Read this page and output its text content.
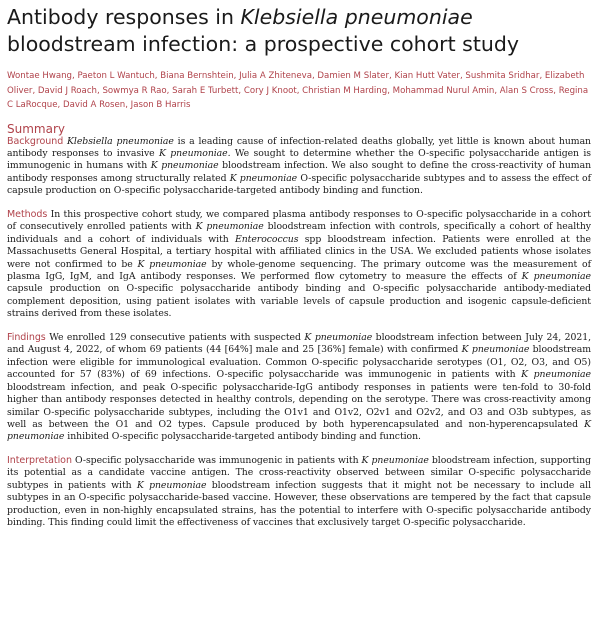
Antibody responses in Klebsiella pneumoniae bloodstream infection: a prospective cohort study
Wontae Hwang, Paeton L Wantuch, Biana Bernshtein, Julia A Zhiteneva, Damien M Slater, Kian Hutt Vater, Sushmita Sridhar, Elizabeth Oliver, David J Roach, Sowmya R Rao, Sarah E Turbett, Cory J Knoot, Christian M Harding, Mohammad Nurul Amin, Alan S Cross, Regina C LaRocque, David A Rosen, Jason B Harris
Summary

Background Klebsiella pneumoniae is a leading cause of infection-related deaths globally, yet little is known about human antibody responses to invasive K pneumoniae. We sought to determine whether the O-specific polysaccharide antigen is immunogenic in humans with K pneumoniae bloodstream infection. We also sought to define the cross-reactivity of human antibody responses among structurally related K pneumoniae O-specific polysaccharide subtypes and to assess the effect of capsule production on O-specific polysaccharide-targeted antibody binding and function.

Methods In this prospective cohort study, we compared plasma antibody responses to O-specific polysaccharide in a cohort of consecutively enrolled patients with K pneumoniae bloodstream infection with controls, specifically a cohort of healthy individuals and a cohort of individuals with Enterococcus spp bloodstream infection. Patients were enrolled at the Massachusetts General Hospital, a tertiary hospital with affiliated clinics in the USA. We excluded patients whose isolates were not confirmed to be K pneumoniae by whole-genome sequencing. The primary outcome was the measurement of plasma IgG, IgM, and IgA antibody responses. We performed flow cytometry to measure the effects of K pneumoniae capsule production on O-specific polysaccharide antibody binding and O-specific polysaccharide antibody-mediated complement deposition, using patient isolates with variable levels of capsule production and isogenic capsule-deficient strains derived from these isolates.

Findings We enrolled 129 consecutive patients with suspected K pneumoniae bloodstream infection between July 24, 2021, and August 4, 2022, of whom 69 patients (44 [64%] male and 25 [36%] female) with confirmed K pneumoniae bloodstream infection were eligible for immunological evaluation. Common O-specific polysaccharide serotypes (O1, O2, O3, and O5) accounted for 57 (83%) of 69 infections. O-specific polysaccharide was immunogenic in patients with K pneumoniae bloodstream infection, and peak O-specific polysaccharide-IgG antibody responses in patients were ten-fold to 30-fold higher than antibody responses detected in healthy controls, depending on the serotype. There was cross-reactivity among similar O-specific polysaccharide subtypes, including the O1v1 and O1v2, O2v1 and O2v2, and O3 and O3b subtypes, as well as between the O1 and O2 types. Capsule produced by both hyperencapsulated and non-hyperencapsulated K pneumoniae inhibited O-specific polysaccharide-targeted antibody binding and function.

Interpretation O-specific polysaccharide was immunogenic in patients with K pneumoniae bloodstream infection, supporting its potential as a candidate vaccine antigen. The cross-reactivity observed between similar O-specific polysaccharide subtypes in patients with K pneumoniae bloodstream infection suggests that it might not be necessary to include all subtypes in an O-specific polysaccharide-based vaccine. However, these observations are tempered by the fact that capsule production, even in non-highly encapsulated strains, has the potential to interfere with O-specific polysaccharide antibody binding. This finding could limit the effectiveness of vaccines that exclusively target O-specific polysaccharide.
